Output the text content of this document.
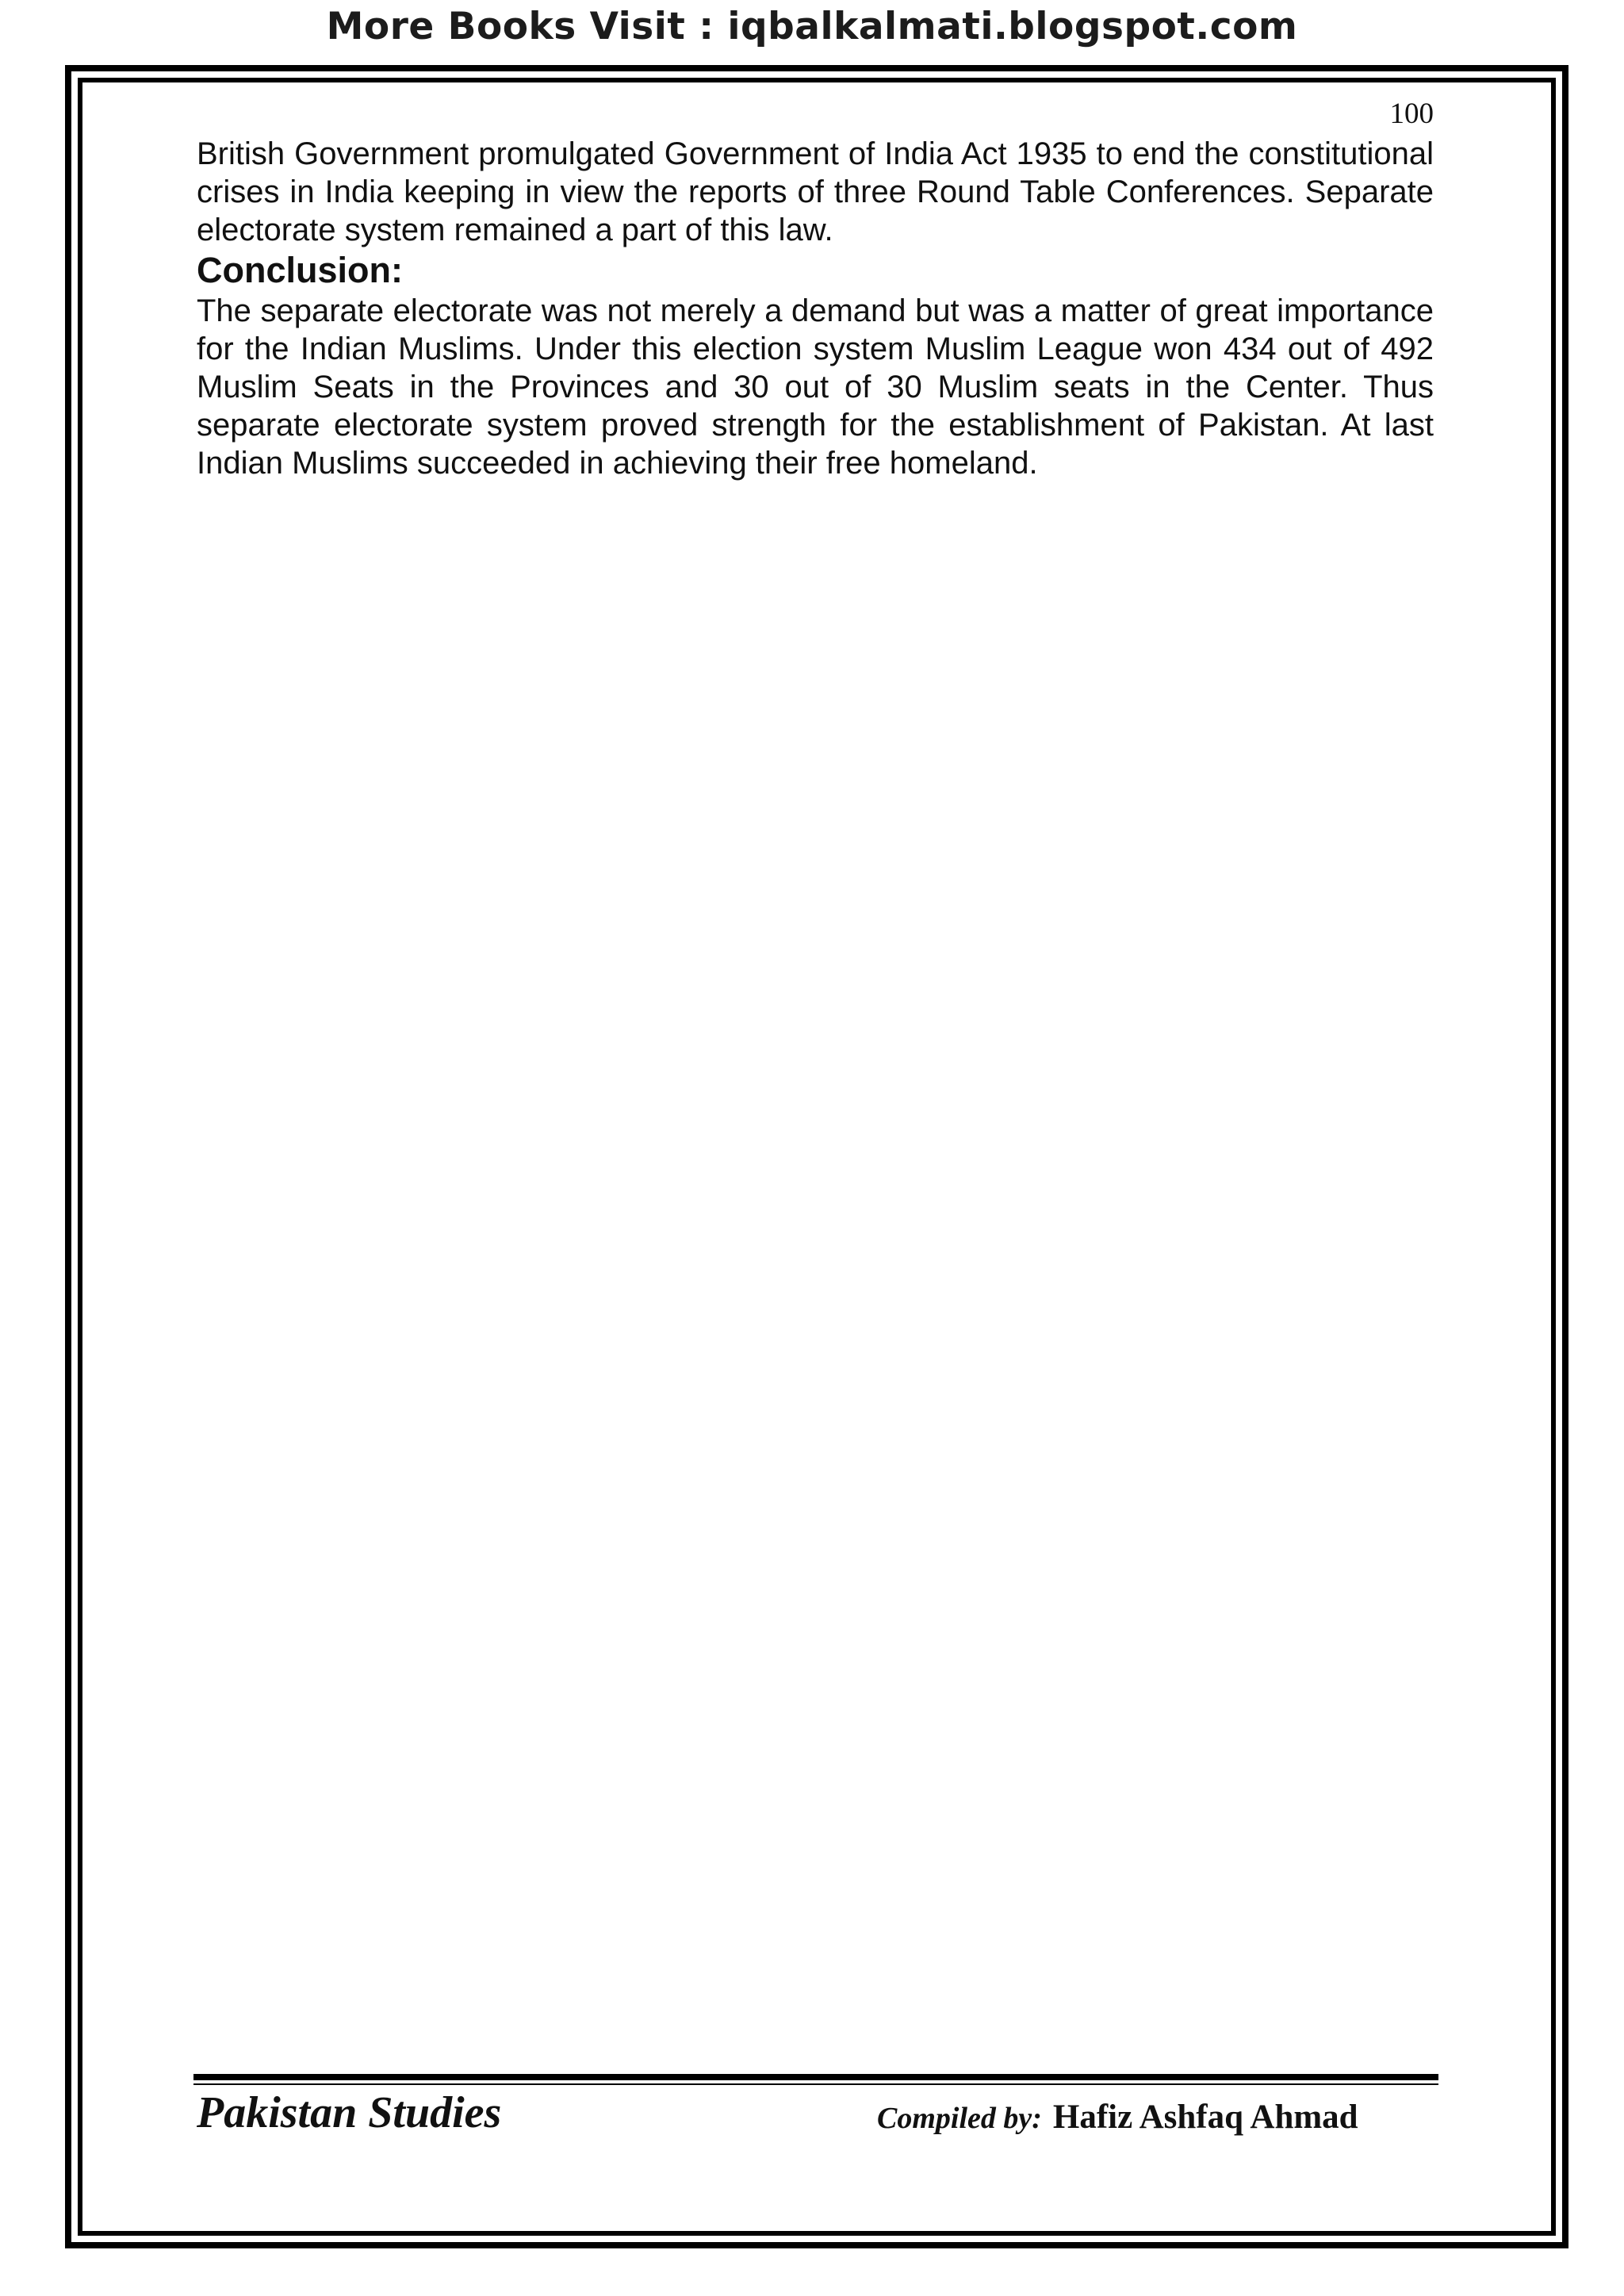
More Books Visit : iqbalkalmati.blogspot.com
100

British Government promulgated Government of India Act 1935 to end the constitutional crises in India keeping in view the reports of three Round Table Conferences. Separate electorate system remained a part of this law.

Conclusion:

The separate electorate was not merely a demand but was a matter of great importance for the Indian Muslims. Under this election system Muslim League won 434 out of 492 Muslim Seats in the Provinces and 30 out of 30 Muslim seats in the Center. Thus separate electorate system proved strength for the establishment of Pakistan. At last Indian Muslims succeeded in achieving their free homeland.

Pakistan Studies	Compiled by: Hafiz Ashfaq Ahmad
